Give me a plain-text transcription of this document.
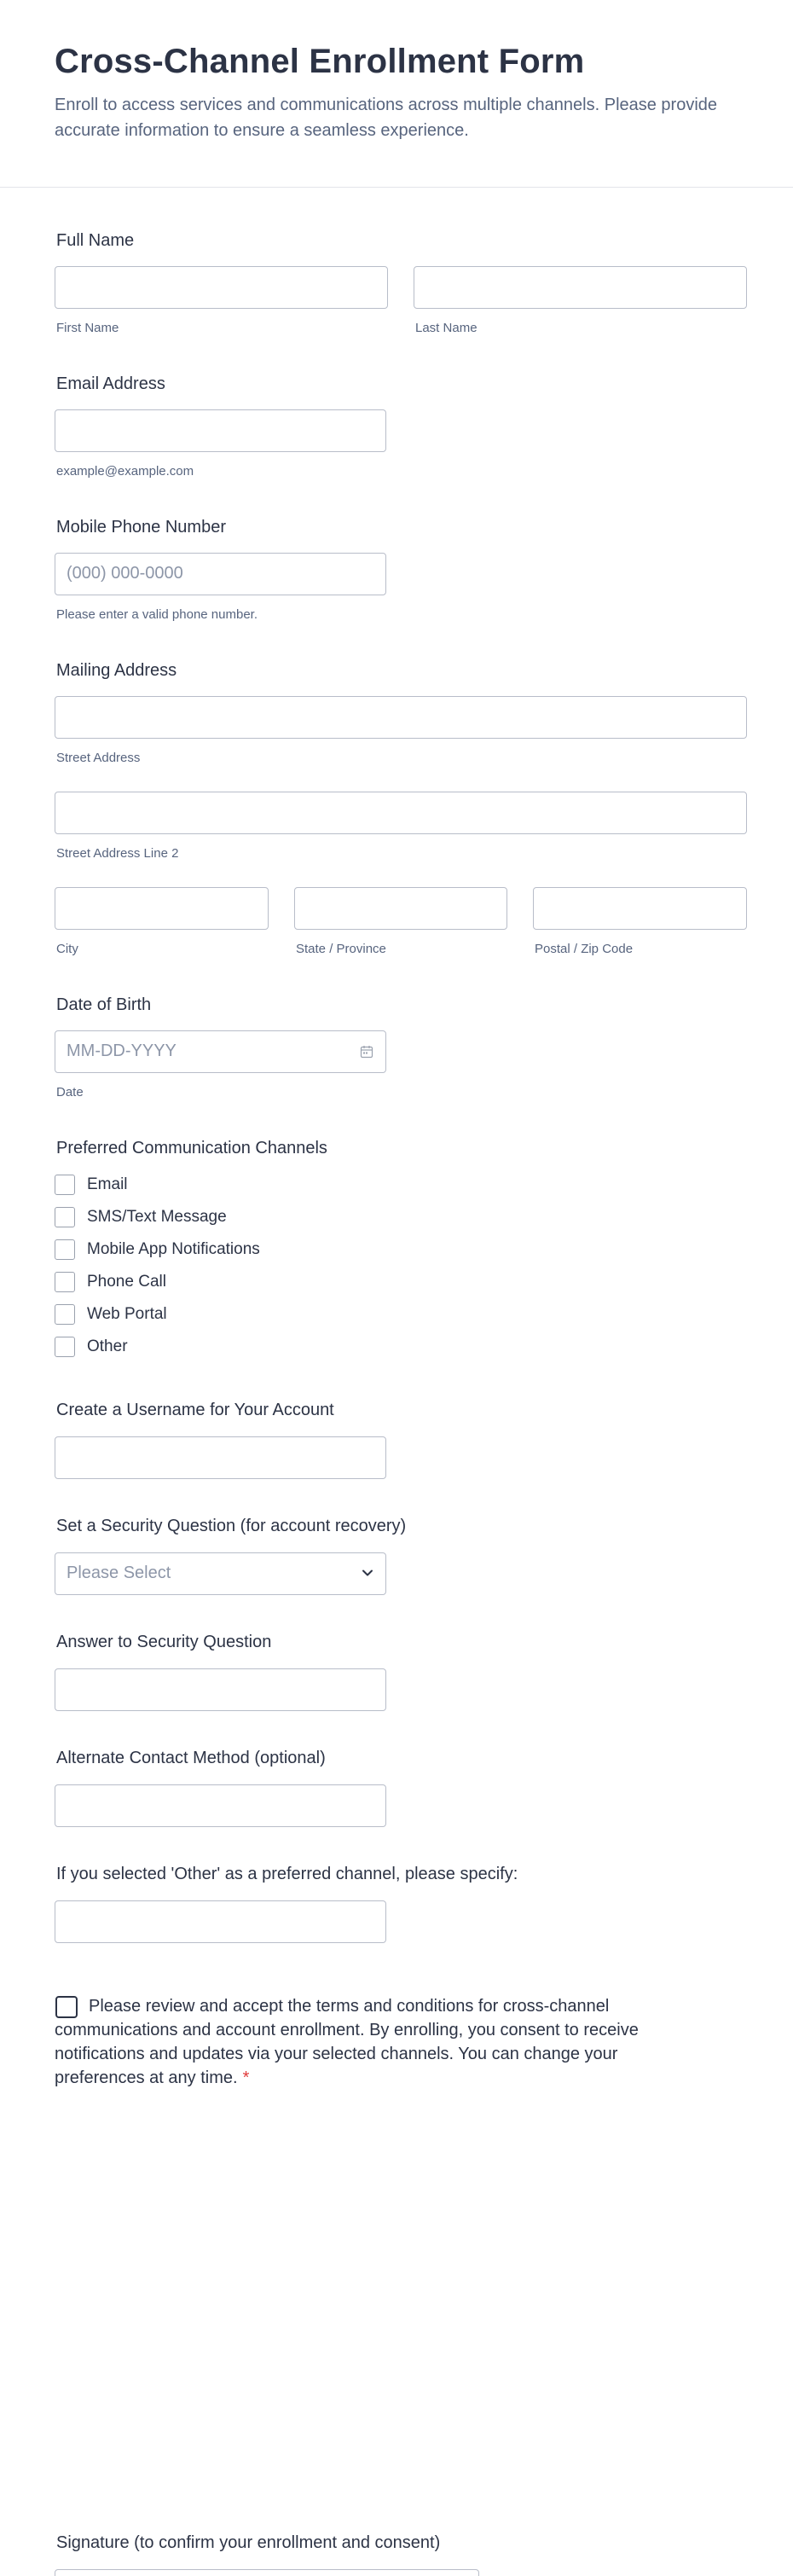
Cross-Channel Enrollment Form

Enroll to access services and communications across multiple channels. Please provide accurate information to ensure a seamless experience.

Full Name
First Name	Last Name
Email Address
example@example.com
Mobile Phone Number
(000) 000-0000
Please enter a valid phone number.
Mailing Address
Street Address
Street Address Line 2
City	State / Province	Postal / Zip Code
Date of Birth
MM-DD-YYYY
Date
Preferred Communication Channels
Email
SMS/Text Message
Mobile App Notifications
Phone Call
Web Portal
Other
Create a Username for Your Account
Set a Security Question (for account recovery)
Please Select
Answer to Security Question
Alternate Contact Method (optional)
If you selected 'Other' as a preferred channel, please specify:

Please review and accept the terms and conditions for cross-channel communications and account enrollment. By enrolling, you consent to receive notifications and updates via your selected channels. You can change your preferences at any time. *

Signature (to confirm your enrollment and consent)
